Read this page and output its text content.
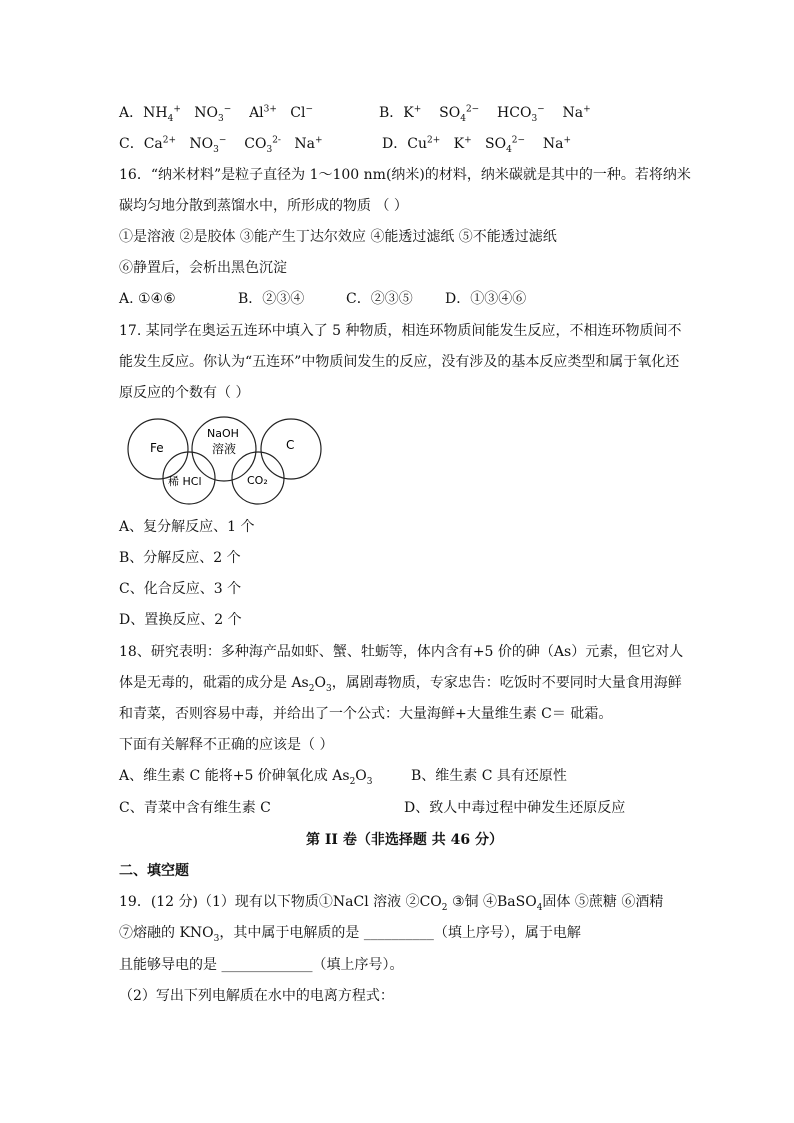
A．$NH_4^+$ $NO_3^-$ $Al^{3+}$ Cl−	B．K+ $SO_4^{2-}$ $HCO_3^-$ Na+
C．$Ca^{2+}$ $NO_3^-$ $CO_3^{2-}$ Na+	D．$Cu^{2+}$ K+ $SO_4^{2-}$ Na+
16．“纳米材料”是粒子直径为 1～100 nm(纳米)的材料，纳米碳就是其中的一种。若将纳米
碳均匀地分散到蒸馏水中，所形成的物质 （ ）
①是溶液 ②是胶体 ③能产生丁达尔效应 ④能透过滤纸 ⑤不能透过滤纸
⑥静置后，会析出黑色沉淀
A. ①④⑥	B．②③④	C．②③⑤ D．①③④⑥
17. 某同学在奥运五连环中填入了 5 种物质，相连环物质间能发生反应，不相连环物质间不
能发生反应。你认为“五连环”中物质间发生的反应，没有涉及的基本反应类型和属于氧化还
原反应的个数有（ ）
Fe
NaOH
溶液	C
稀 HCl	CO₂
A、复分解反应、1 个
B、分解反应、2 个
C、化合反应、3 个
D、置换反应、2 个
18、研究表明：多种海产品如虾、蟹、牡蛎等，体内含有+5 价的砷（As）元素，但它对人
体是无毒的，砒霜的成分是 $As_2O_3$，属剧毒物质，专家忠告：吃饭时不要同时大量食用海鲜
和青菜，否则容易中毒，并给出了一个公式：大量海鲜+大量维生素 C＝ 砒霜。
下面有关解释不正确的应该是（ ）
A、维生素 C 能将+5 价砷氧化成 $As_2O_3$	B、维生素 C 具有还原性
C、青菜中含有维生素 C	D、致人中毒过程中砷发生还原反应
第 II 卷（非选择题 共 46 分）
二、填空题
19．(12 分)（1）现有以下物质①NaCl 溶液 $②CO_2$ ③铜 ④BaSO$_4$固体 ⑤蔗糖 ⑥酒精
⑦熔融的 $KNO_3$，其中属于电解质的是 __________（填上序号），属于电解
且能够导电的是 _____________（填上序号）。
（2）写出下列电解质在水中的电离方程式：
